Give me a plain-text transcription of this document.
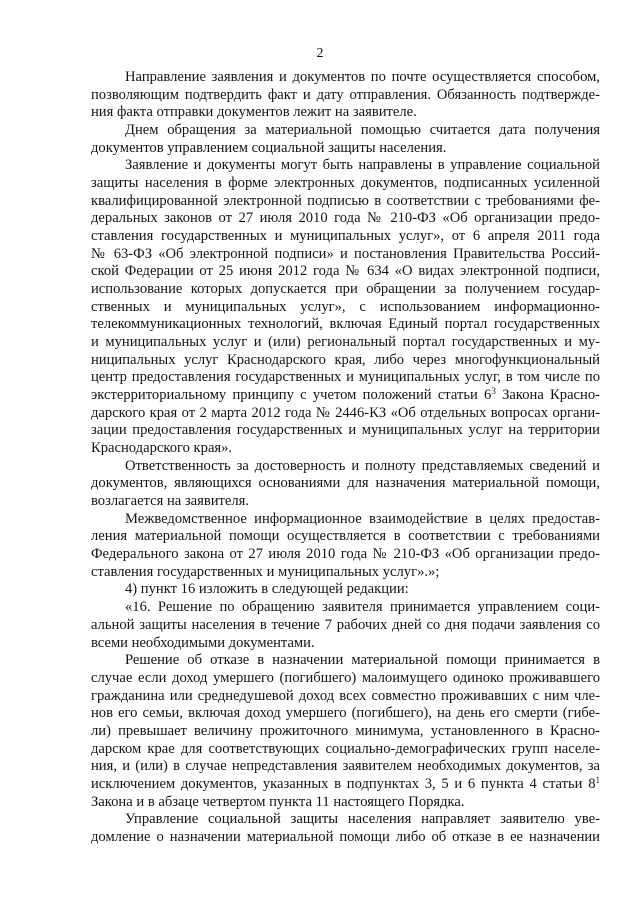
2
Направление заявления и документов по почте осуществляется способом,
позволяющим подтвердить факт и дату отправления. Обязанность подтвержде-
ния факта отправки документов лежит на заявителе.
Днем обращения за материальной помощью считается дата получения
документов управлением социальной защиты населения.
Заявление и документы могут быть направлены в управление социальной
защиты населения в форме электронных документов, подписанных усиленной
квалифицированной электронной подписью в соответствии с требованиями фе-
деральных законов от 27 июля 2010 года № 210-ФЗ «Об организации предо-
ставления государственных и муниципальных услуг», от 6 апреля 2011 года
№ 63-ФЗ «Об электронной подписи» и постановления Правительства Россий-
ской Федерации от 25 июня 2012 года № 634 «О видах электронной подписи,
использование которых допускается при обращении за получением государ-
ственных и муниципальных услуг», с использованием информационно-
телекоммуникационных технологий, включая Единый портал государственных
и муниципальных услуг и (или) региональный портал государственных и му-
ниципальных услуг Краснодарского края, либо через многофункциональный
центр предоставления государственных и муниципальных услуг, в том числе по
экстерриториальному принципу с учетом положений статьи $6^3$ Закона Красно-
дарского края от 2 марта 2012 года № 2446-КЗ «Об отдельных вопросах органи-
зации предоставления государственных и муниципальных услуг на территории
Краснодарского края».
Ответственность за достоверность и полноту представляемых сведений и
документов, являющихся основаниями для назначения материальной помощи,
возлагается на заявителя.
Межведомственное информационное взаимодействие в целях предостав-
ления материальной помощи осуществляется в соответствии с требованиями
Федерального закона от 27 июля 2010 года № 210-ФЗ «Об организации предо-
ставления государственных и муниципальных услуг».»;
4) пункт 16 изложить в следующей редакции:
«16. Решение по обращению заявителя принимается управлением соци-
альной защиты населения в течение 7 рабочих дней со дня подачи заявления со
всеми необходимыми документами.
Решение об отказе в назначении материальной помощи принимается в
случае если доход умершего (погибшего) малоимущего одиноко проживавшего
гражданина или среднедушевой доход всех совместно проживавших с ним чле-
нов его семьи, включая доход умершего (погибшего), на день его смерти (гибе-
ли) превышает величину прожиточного минимума, установленного в Красно-
дарском крае для соответствующих социально-демографических групп населе-
ния, и (или) в случае непредставления заявителем необходимых документов, за
исключением документов, указанных в подпунктах 3, 5 и 6 пункта 4 статьи $8^1$
Закона и в абзаце четвертом пункта 11 настоящего Порядка.
Управление социальной защиты населения направляет заявителю уве-
домление о назначении материальной помощи либо об отказе в ее назначении
